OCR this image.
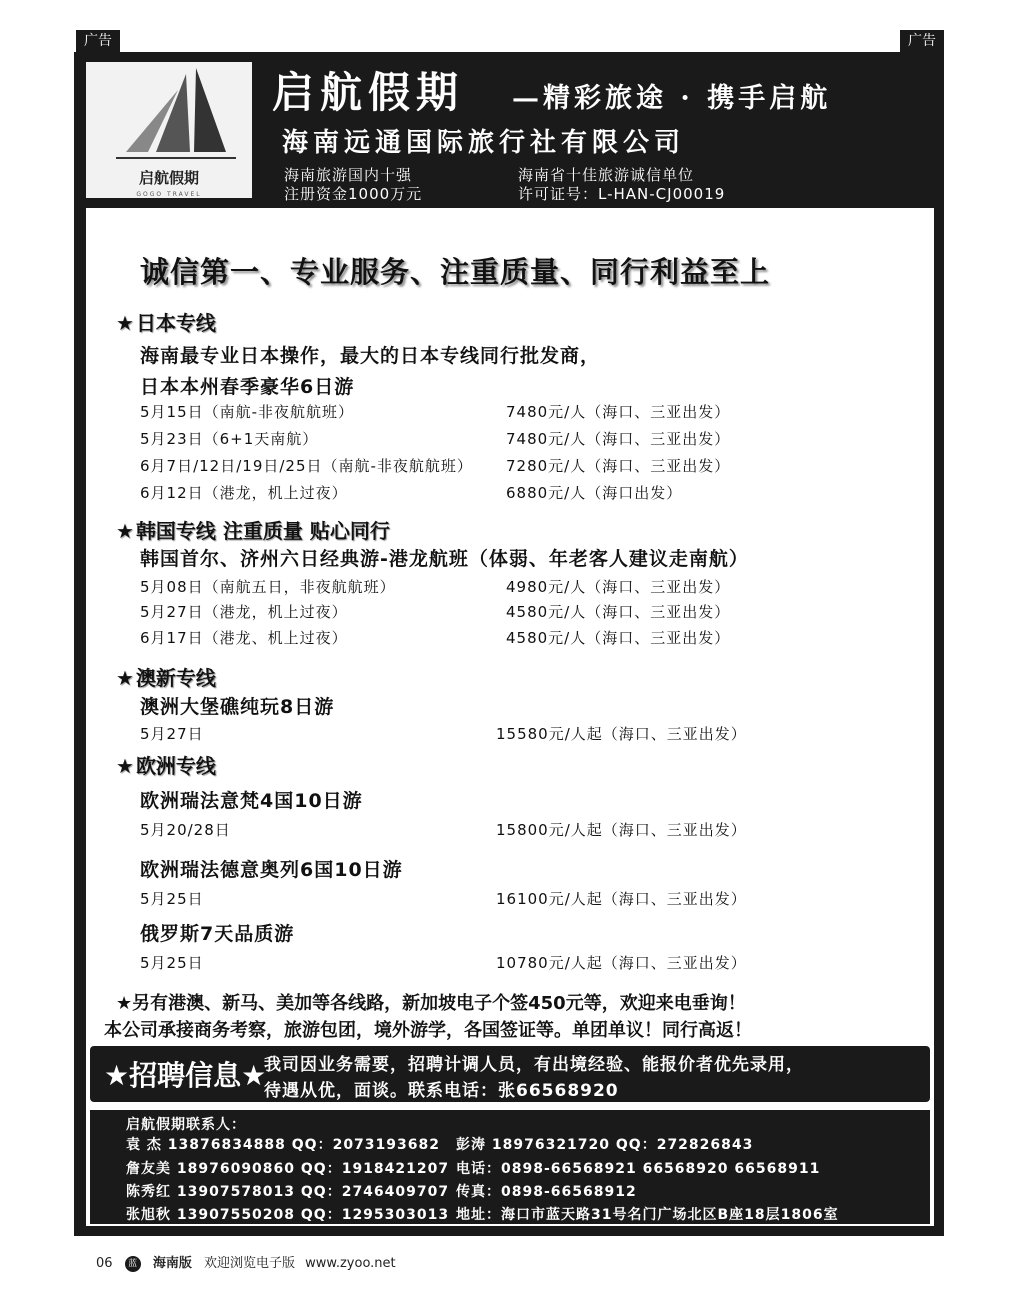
广告	广告
启航假期
GOGO TRAVEL
启航假期 —精彩旅途 · 携手启航
海南远通国际旅行社有限公司
海南旅游国内十强
注册资金1000万元
海南省十佳旅游诚信单位
许可证号：L-HAN-CJ00019
诚信第一、专业服务、注重质量、同行利益至上
★ 日本专线
海南最专业日本操作，最大的日本专线同行批发商，
日本本州春季豪华6日游
5月15日（南航-非夜航航班）	7480元/人（海口、三亚出发）
5月23日（6+1天南航）	7480元/人（海口、三亚出发）
6月7日/12日/19日/25日（南航-非夜航航班） 7280元/人（海口、三亚出发）
6月12日（港龙，机上过夜）	6880元/人（海口出发）
★ 韩国专线 注重质量 贴心同行
韩国首尔、济州六日经典游-港龙航班（体弱、年老客人建议走南航）
5月08日（南航五日，非夜航航班）	4980元/人（海口、三亚出发）
5月27日（港龙，机上过夜）	4580元/人（海口、三亚出发）
6月17日（港龙、机上过夜）	4580元/人（海口、三亚出发）
★ 澳新专线
澳洲大堡礁纯玩8日游
5月27日	15580元/人起（海口、三亚出发）
★ 欧洲专线
欧洲瑞法意梵4国10日游
5月20/28日	15800元/人起（海口、三亚出发）
欧洲瑞法德意奥列6国10日游
5月25日	16100元/人起（海口、三亚出发）
俄罗斯7天品质游
5月25日	10780元/人起（海口、三亚出发）
★另有港澳、新马、美加等各线路，新加坡电子个签450元等，欢迎来电垂询！
本公司承接商务考察，旅游包团，境外游学，各国签证等。单团单议！同行高返！
★招聘信息★
我司因业务需要，招聘计调人员，有出境经验、能报价者优先录用，
待遇从优，面谈。联系电话：张66568920
启航假期联系人：
袁 杰 13876834888 QQ：2073193682
詹友美 18976090860 QQ：1918421207
陈秀红 13907578013 QQ：2746409707
张旭秋 13907550208 QQ：1295303013
彭涛 18976321720 QQ：272826843
电话：0898-66568921 66568920 66568911
传真：0898-66568912
地址：海口市蓝天路31号名门广场北区B座18层1806室
06 蓝 海南版 欢迎浏览电子版 www.zyoo.net
